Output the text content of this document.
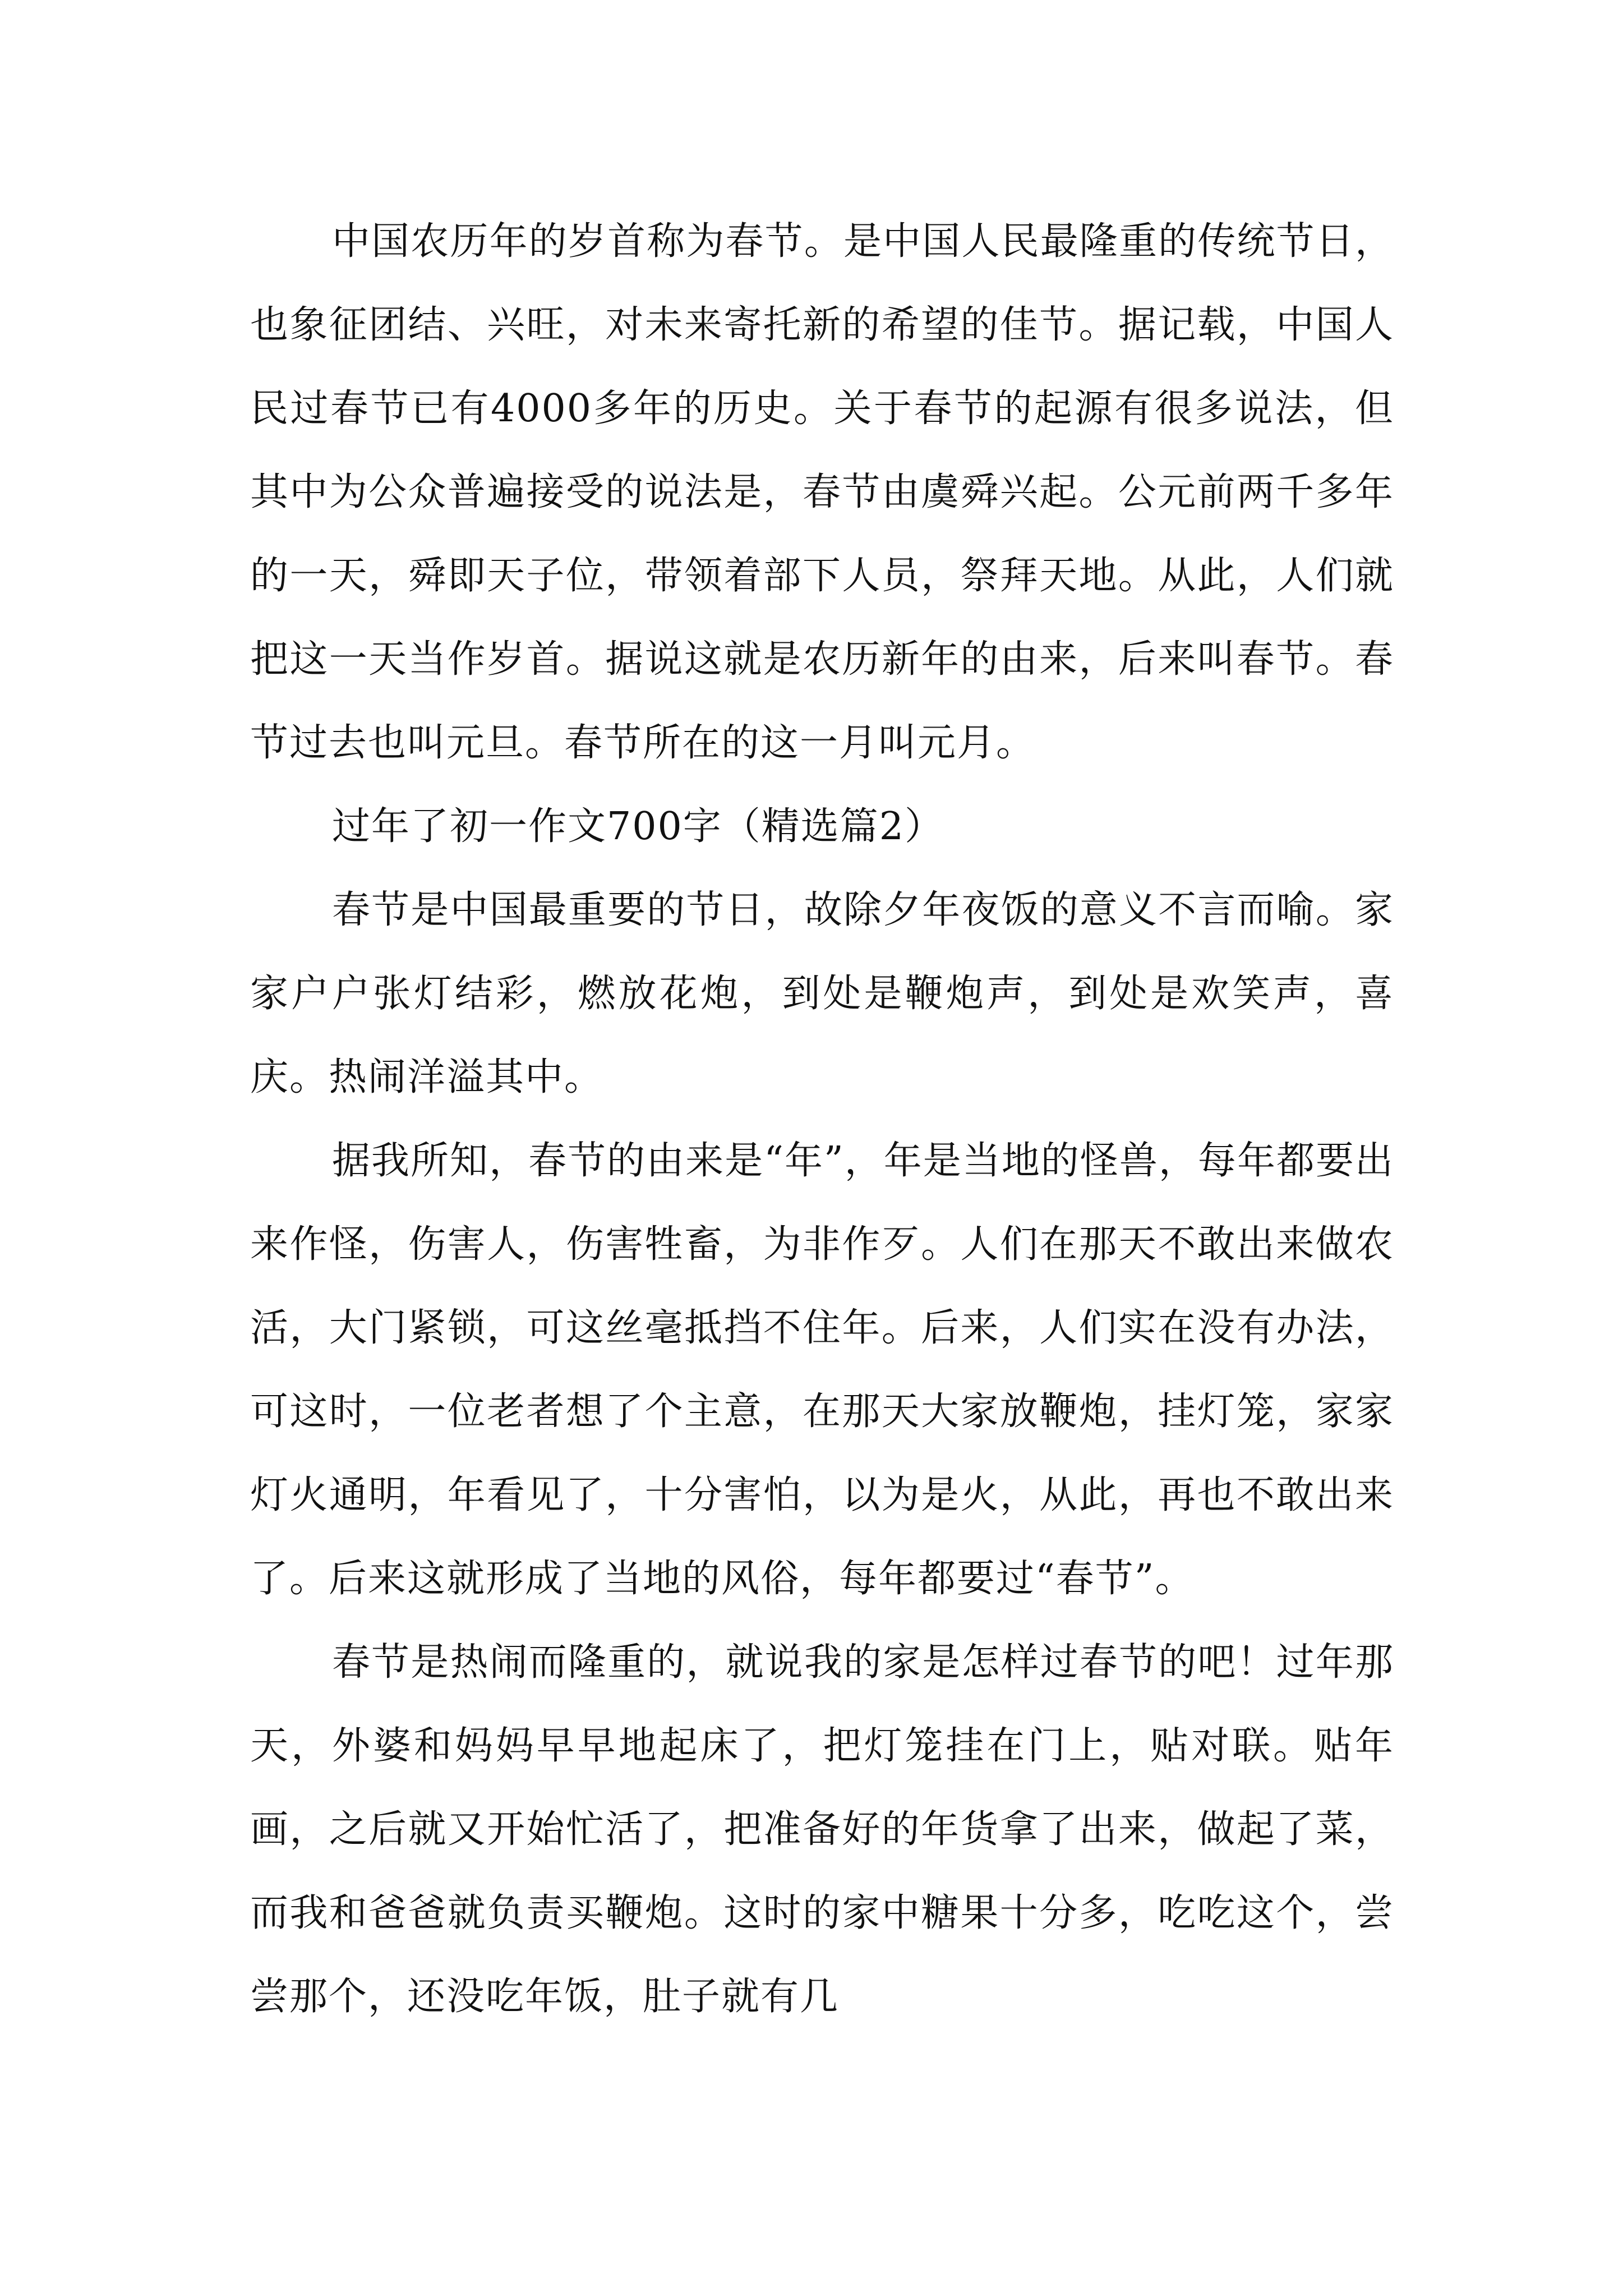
中国农历年的岁首称为春节。是中国人民最隆重的传统节日，也象征团结、兴旺，对未来寄托新的希望的佳节。据记载，中国人民过春节已有4000多年的历史。关于春节的起源有很多说法，但其中为公众普遍接受的说法是，春节由虞舜兴起。公元前两千多年的一天，舜即天子位，带领着部下人员，祭拜天地。从此，人们就把这一天当作岁首。据说这就是农历新年的由来，后来叫春节。春节过去也叫元旦。春节所在的这一月叫元月。

过年了初一作文700字（精选篇2）

春节是中国最重要的节日，故除夕年夜饭的意义不言而喻。家家户户张灯结彩，燃放花炮，到处是鞭炮声，到处是欢笑声，喜庆。热闹洋溢其中。

据我所知，春节的由来是“年”，年是当地的怪兽，每年都要出来作怪，伤害人，伤害牲畜，为非作歹。人们在那天不敢出来做农活，大门紧锁，可这丝毫抵挡不住年。后来，人们实在没有办法，可这时，一位老者想了个主意，在那天大家放鞭炮，挂灯笼，家家灯火通明，年看见了，十分害怕，以为是火，从此，再也不敢出来了。后来这就形成了当地的风俗，每年都要过“春节”。

春节是热闹而隆重的，就说我的家是怎样过春节的吧！过年那天，外婆和妈妈早早地起床了，把灯笼挂在门上，贴对联。贴年画，之后就又开始忙活了，把准备好的年货拿了出来，做起了菜，而我和爸爸就负责买鞭炮。这时的家中糖果十分多，吃吃这个，尝尝那个，还没吃年饭，肚子就有几
